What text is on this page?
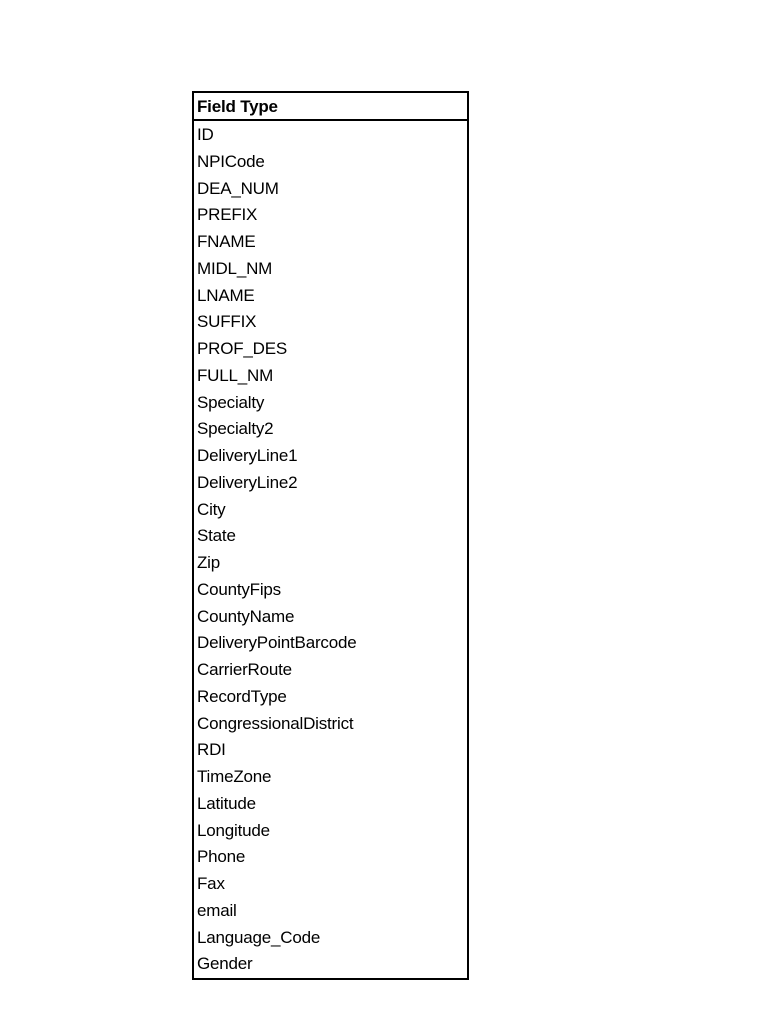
Field Type
ID
NPICode
DEA_NUM
PREFIX
FNAME
MIDL_NM
LNAME
SUFFIX
PROF_DES
FULL_NM
Specialty
Specialty2
DeliveryLine1
DeliveryLine2
City
State
Zip
CountyFips
CountyName
DeliveryPointBarcode
CarrierRoute
RecordType
CongressionalDistrict
RDI
TimeZone
Latitude
Longitude
Phone
Fax
email
Language_Code
Gender
